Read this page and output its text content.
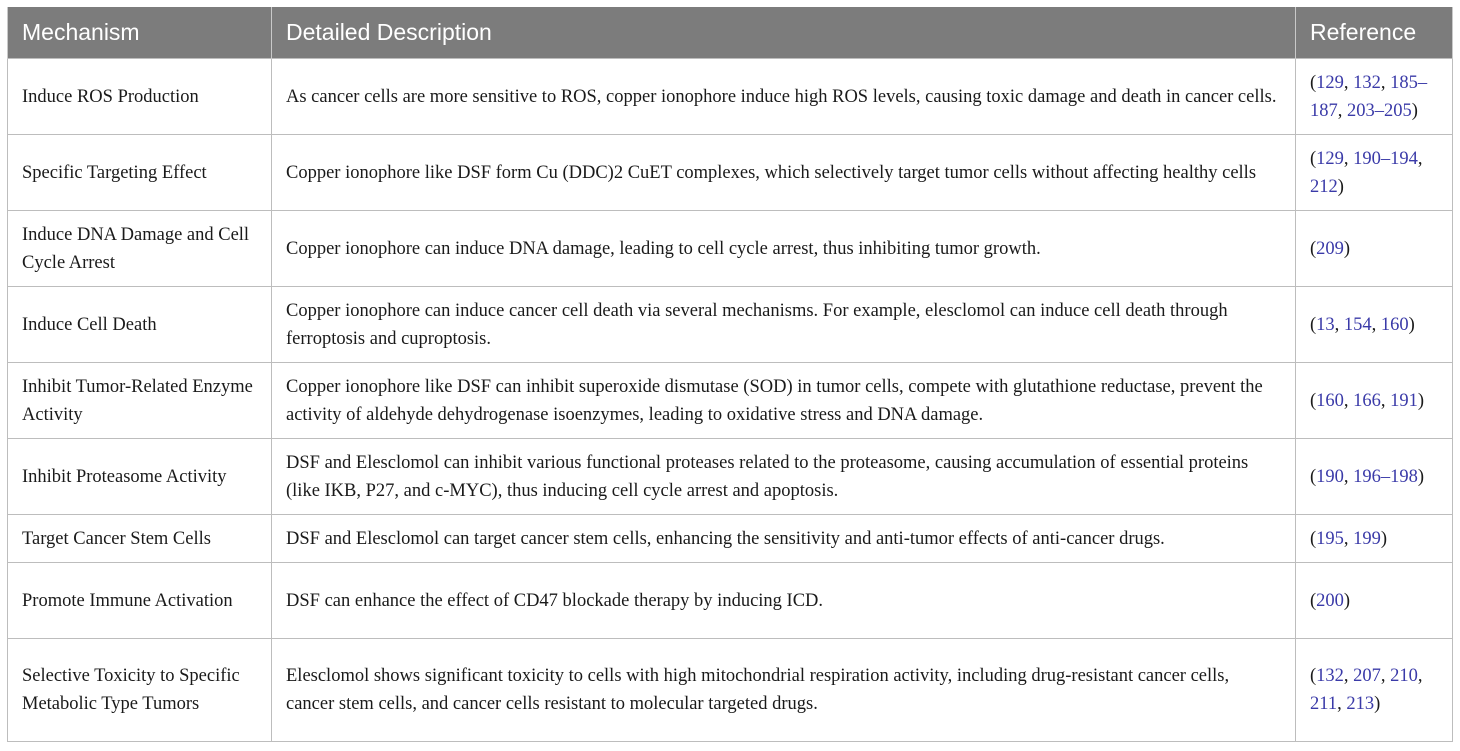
Mechanism	Detailed Description	Reference
Induce ROS Production	As cancer cells are more sensitive to ROS, copper ionophore induce high ROS levels, causing toxic damage and death in cancer cells.	(129, 132, 185–187, 203–205)
Specific Targeting Effect	Copper ionophore like DSF form Cu (DDC)2 CuET complexes, which selectively target tumor cells without affecting healthy cells	(129, 190–194, 212)
Induce DNA Damage and Cell Cycle Arrest	Copper ionophore can induce DNA damage, leading to cell cycle arrest, thus inhibiting tumor growth.	(209)
Induce Cell Death	Copper ionophore can induce cancer cell death via several mechanisms. For example, elesclomol can induce cell death through ferroptosis and cuproptosis.	(13, 154, 160)
Inhibit Tumor-Related Enzyme Activity	Copper ionophore like DSF can inhibit superoxide dismutase (SOD) in tumor cells, compete with glutathione reductase, prevent the activity of aldehyde dehydrogenase isoenzymes, leading to oxidative stress and DNA damage.	(160, 166, 191)
Inhibit Proteasome Activity	DSF and Elesclomol can inhibit various functional proteases related to the proteasome, causing accumulation of essential proteins (like IKB, P27, and c-MYC), thus inducing cell cycle arrest and apoptosis.	(190, 196–198)
Target Cancer Stem Cells	DSF and Elesclomol can target cancer stem cells, enhancing the sensitivity and anti-tumor effects of anti-cancer drugs.	(195, 199)
Promote Immune Activation	DSF can enhance the effect of CD47 blockade therapy by inducing ICD.	(200)
Selective Toxicity to Specific Metabolic Type Tumors	Elesclomol shows significant toxicity to cells with high mitochondrial respiration activity, including drug-resistant cancer cells, cancer stem cells, and cancer cells resistant to molecular targeted drugs.	(132, 207, 210, 211, 213)
